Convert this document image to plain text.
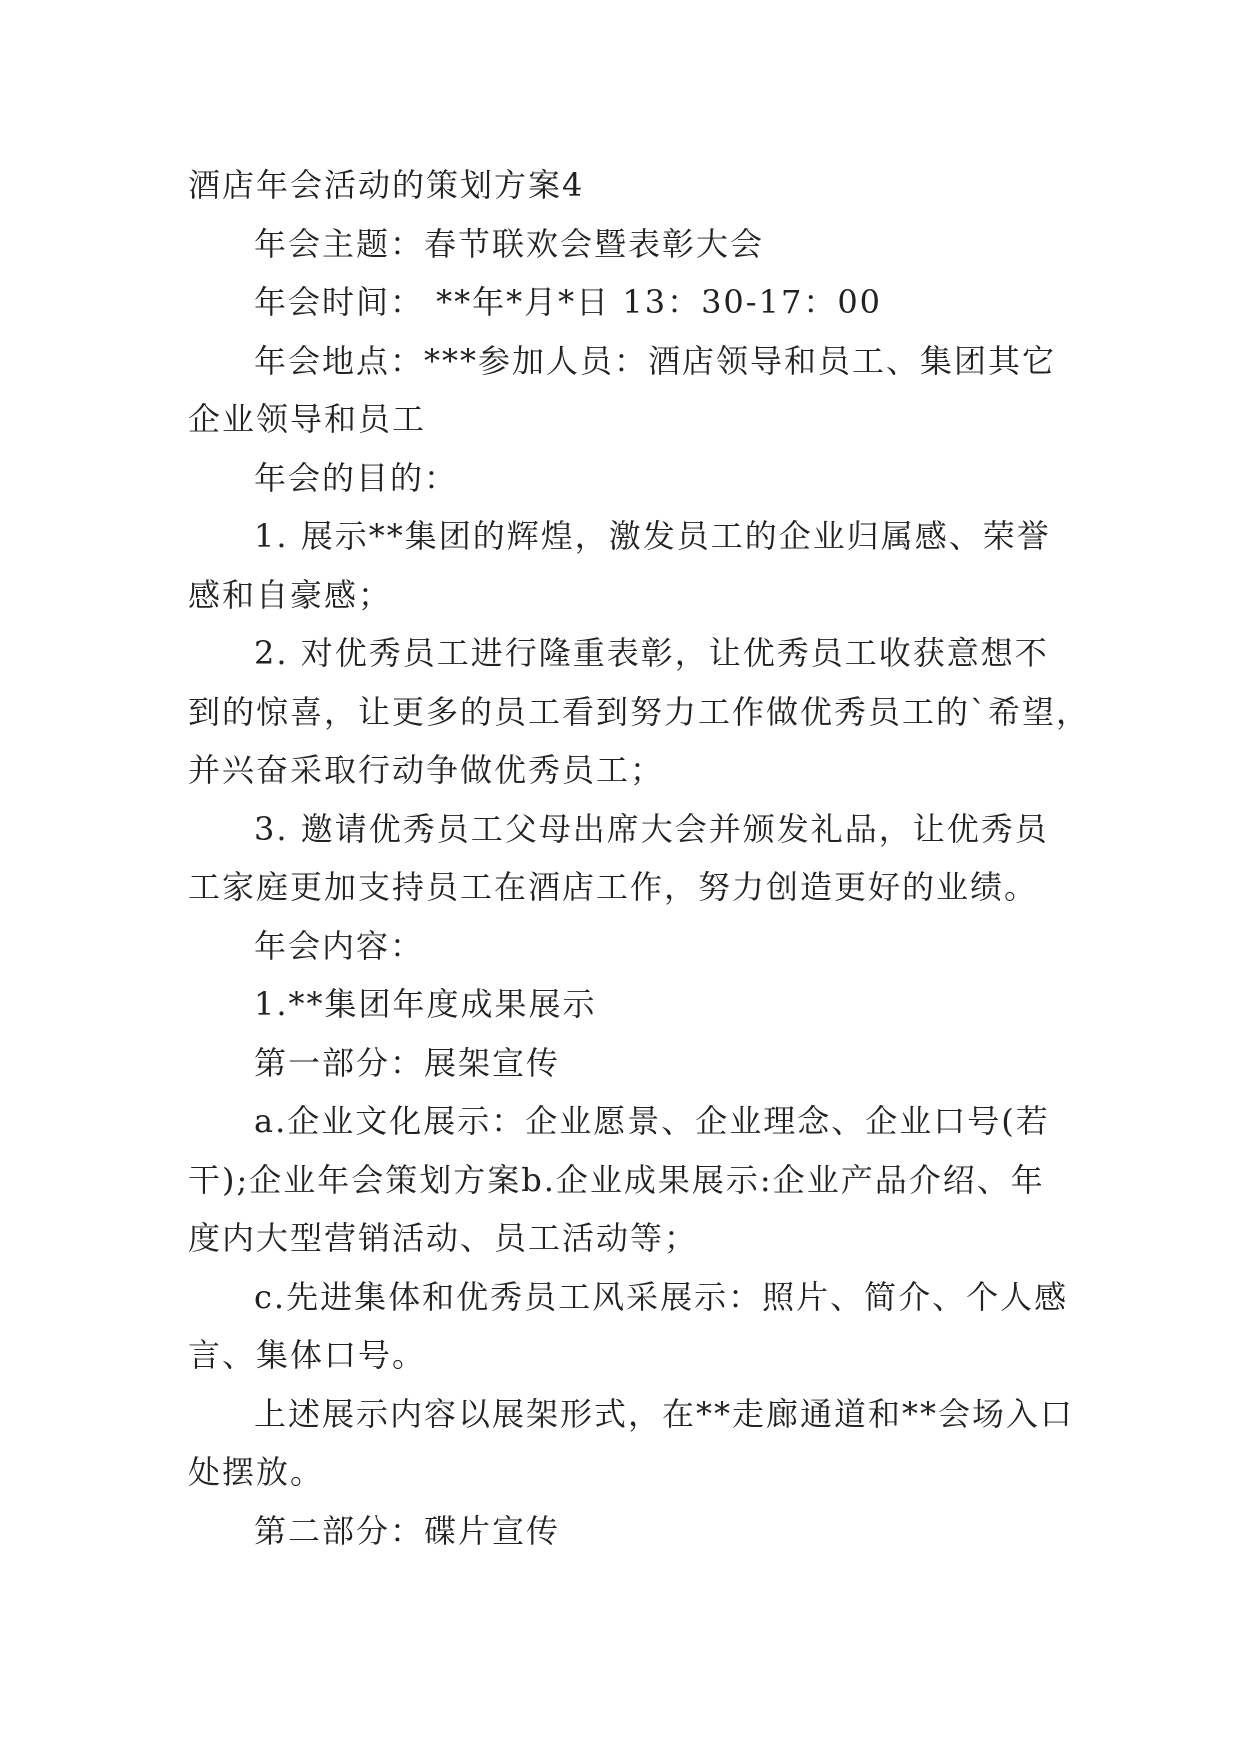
酒店年会活动的策划方案4

年会主题：春节联欢会暨表彰大会

年会时间： **年*月*日 13：30-17：00

年会地点：***参加人员：酒店领导和员工、集团其它

企业领导和员工

年会的目的：

1. 展示**集团的辉煌，激发员工的企业归属感、荣誉

感和自豪感；

2. 对优秀员工进行隆重表彰，让优秀员工收获意想不

到的惊喜，让更多的员工看到努力工作做优秀员工的`希望，

并兴奋采取行动争做优秀员工；

3. 邀请优秀员工父母出席大会并颁发礼品，让优秀员

工家庭更加支持员工在酒店工作，努力创造更好的业绩。

年会内容：

1.**集团年度成果展示

第一部分：展架宣传

a.企业文化展示：企业愿景、企业理念、企业口号(若

干);企业年会策划方案b.企业成果展示:企业产品介绍、年

度内大型营销活动、员工活动等；

c.先进集体和优秀员工风采展示：照片、简介、个人感

言、集体口号。

上述展示内容以展架形式，在**走廊通道和**会场入口

处摆放。

第二部分：碟片宣传
